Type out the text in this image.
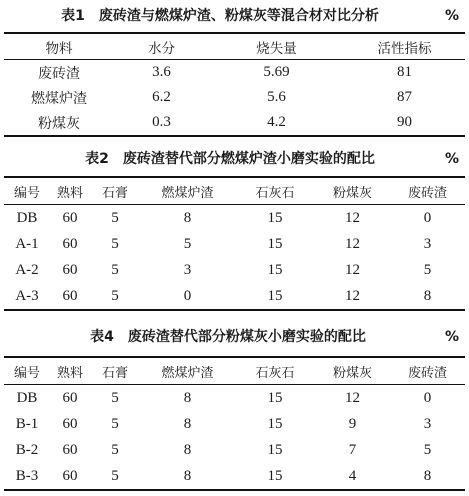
表1　废砖渣与燃煤炉渣、粉煤灰等混合材对比分析	%
物料	水分	烧失量	活性指标
废砖渣	3.6	5.69	81
燃煤炉渣	6.2	5.6	87
粉煤灰	0.3	4.2	90
表2　废砖渣替代部分燃煤炉渣小磨实验的配比	%
编号	熟料	石膏	燃煤炉渣	石灰石	粉煤灰	废砖渣
DB	60	5	8	15	12	0
A-1	60	5	5	15	12	3
A-2	60	5	3	15	12	5
A-3	60	5	0	15	12	8
表4　废砖渣替代部分粉煤灰小磨实验的配比	%
编号	熟料	石膏	燃煤炉渣	石灰石	粉煤灰	废砖渣
DB	60	5	8	15	12	0
B-1	60	5	8	15	9	3
B-2	60	5	8	15	7	5
B-3	60	5	8	15	4	8
